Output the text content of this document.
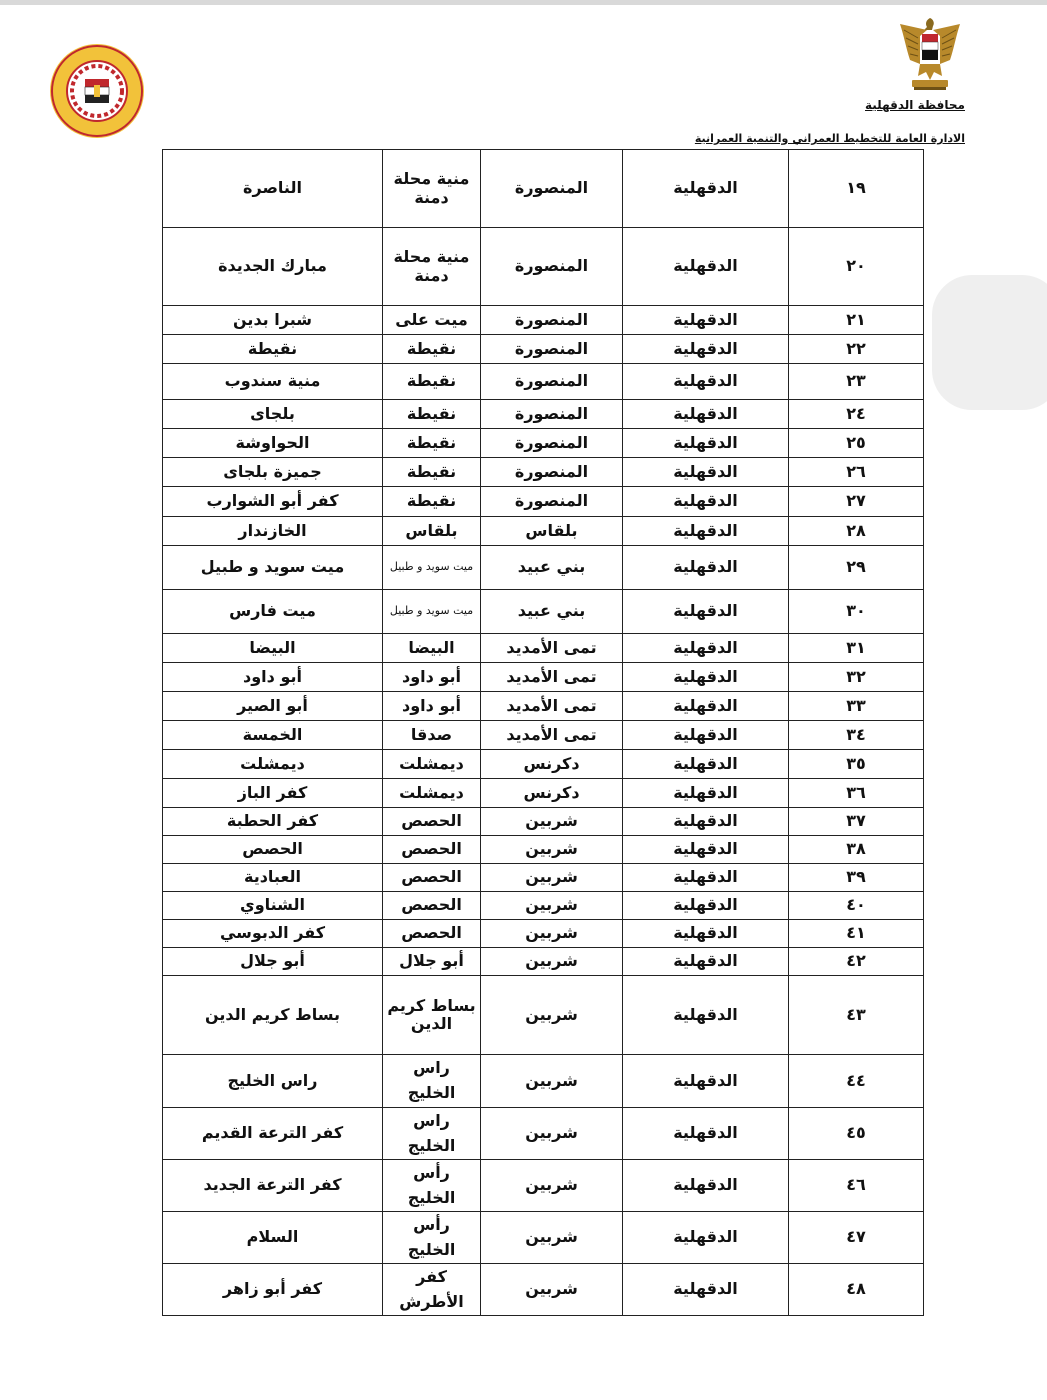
محافظة الدقهلية
الادارة العامة للتخطيط العمراني والتنمية العمرانية
١٩	الدقهلية	المنصورة	منية محلة دمنة	الناصرة
٢٠	الدقهلية	المنصورة	منية محلة دمنة	مبارك الجديدة
٢١	الدقهلية	المنصورة	ميت على	شبرا بدين
٢٢	الدقهلية	المنصورة	نقيطة	نقيطة
٢٣	الدقهلية	المنصورة	نقيطة	منية سندوب
٢٤	الدقهلية	المنصورة	نقيطة	بلجاى
٢٥	الدقهلية	المنصورة	نقيطة	الحواوشة
٢٦	الدقهلية	المنصورة	نقيطة	جميزة بلجاى
٢٧	الدقهلية	المنصورة	نقيطة	كفر أبو الشوارب
٢٨	الدقهلية	بلقاس	بلقاس	الخازندار
٢٩	الدقهلية	بني عبيد	ميت سويد و طبيل	ميت سويد و طبيل
٣٠	الدقهلية	بني عبيد	ميت سويد و طبيل	ميت فارس
٣١	الدقهلية	تمى الأمديد	البيضا	البيضا
٣٢	الدقهلية	تمى الأمديد	أبو داود	أبو داود
٣٣	الدقهلية	تمى الأمديد	أبو داود	أبو الصير
٣٤	الدقهلية	تمى الأمديد	صدقا	الخمسة
٣٥	الدقهلية	دكرنس	ديمشلت	ديمشلت
٣٦	الدقهلية	دكرنس	ديمشلت	كفر الباز
٣٧	الدقهلية	شربين	الحصص	كفر الحطبة
٣٨	الدقهلية	شربين	الحصص	الحصص
٣٩	الدقهلية	شربين	الحصص	العبادية
٤٠	الدقهلية	شربين	الحصص	الشناوي
٤١	الدقهلية	شربين	الحصص	كفر الدبوسي
٤٢	الدقهلية	شربين	أبو جلال	أبو جلال
٤٣	الدقهلية	شربين	بساط كريم الدين	بساط كريم الدين
٤٤	الدقهلية	شربين	راس الخليج	راس الخليج
٤٥	الدقهلية	شربين	راس الخليج	كفر الترعة القديم
٤٦	الدقهلية	شربين	رأس الخليج	كفر الترعة الجديد
٤٧	الدقهلية	شربين	رأس الخليج	السلام
٤٨	الدقهلية	شربين	كفر الأطرش	كفر أبو زاهر
